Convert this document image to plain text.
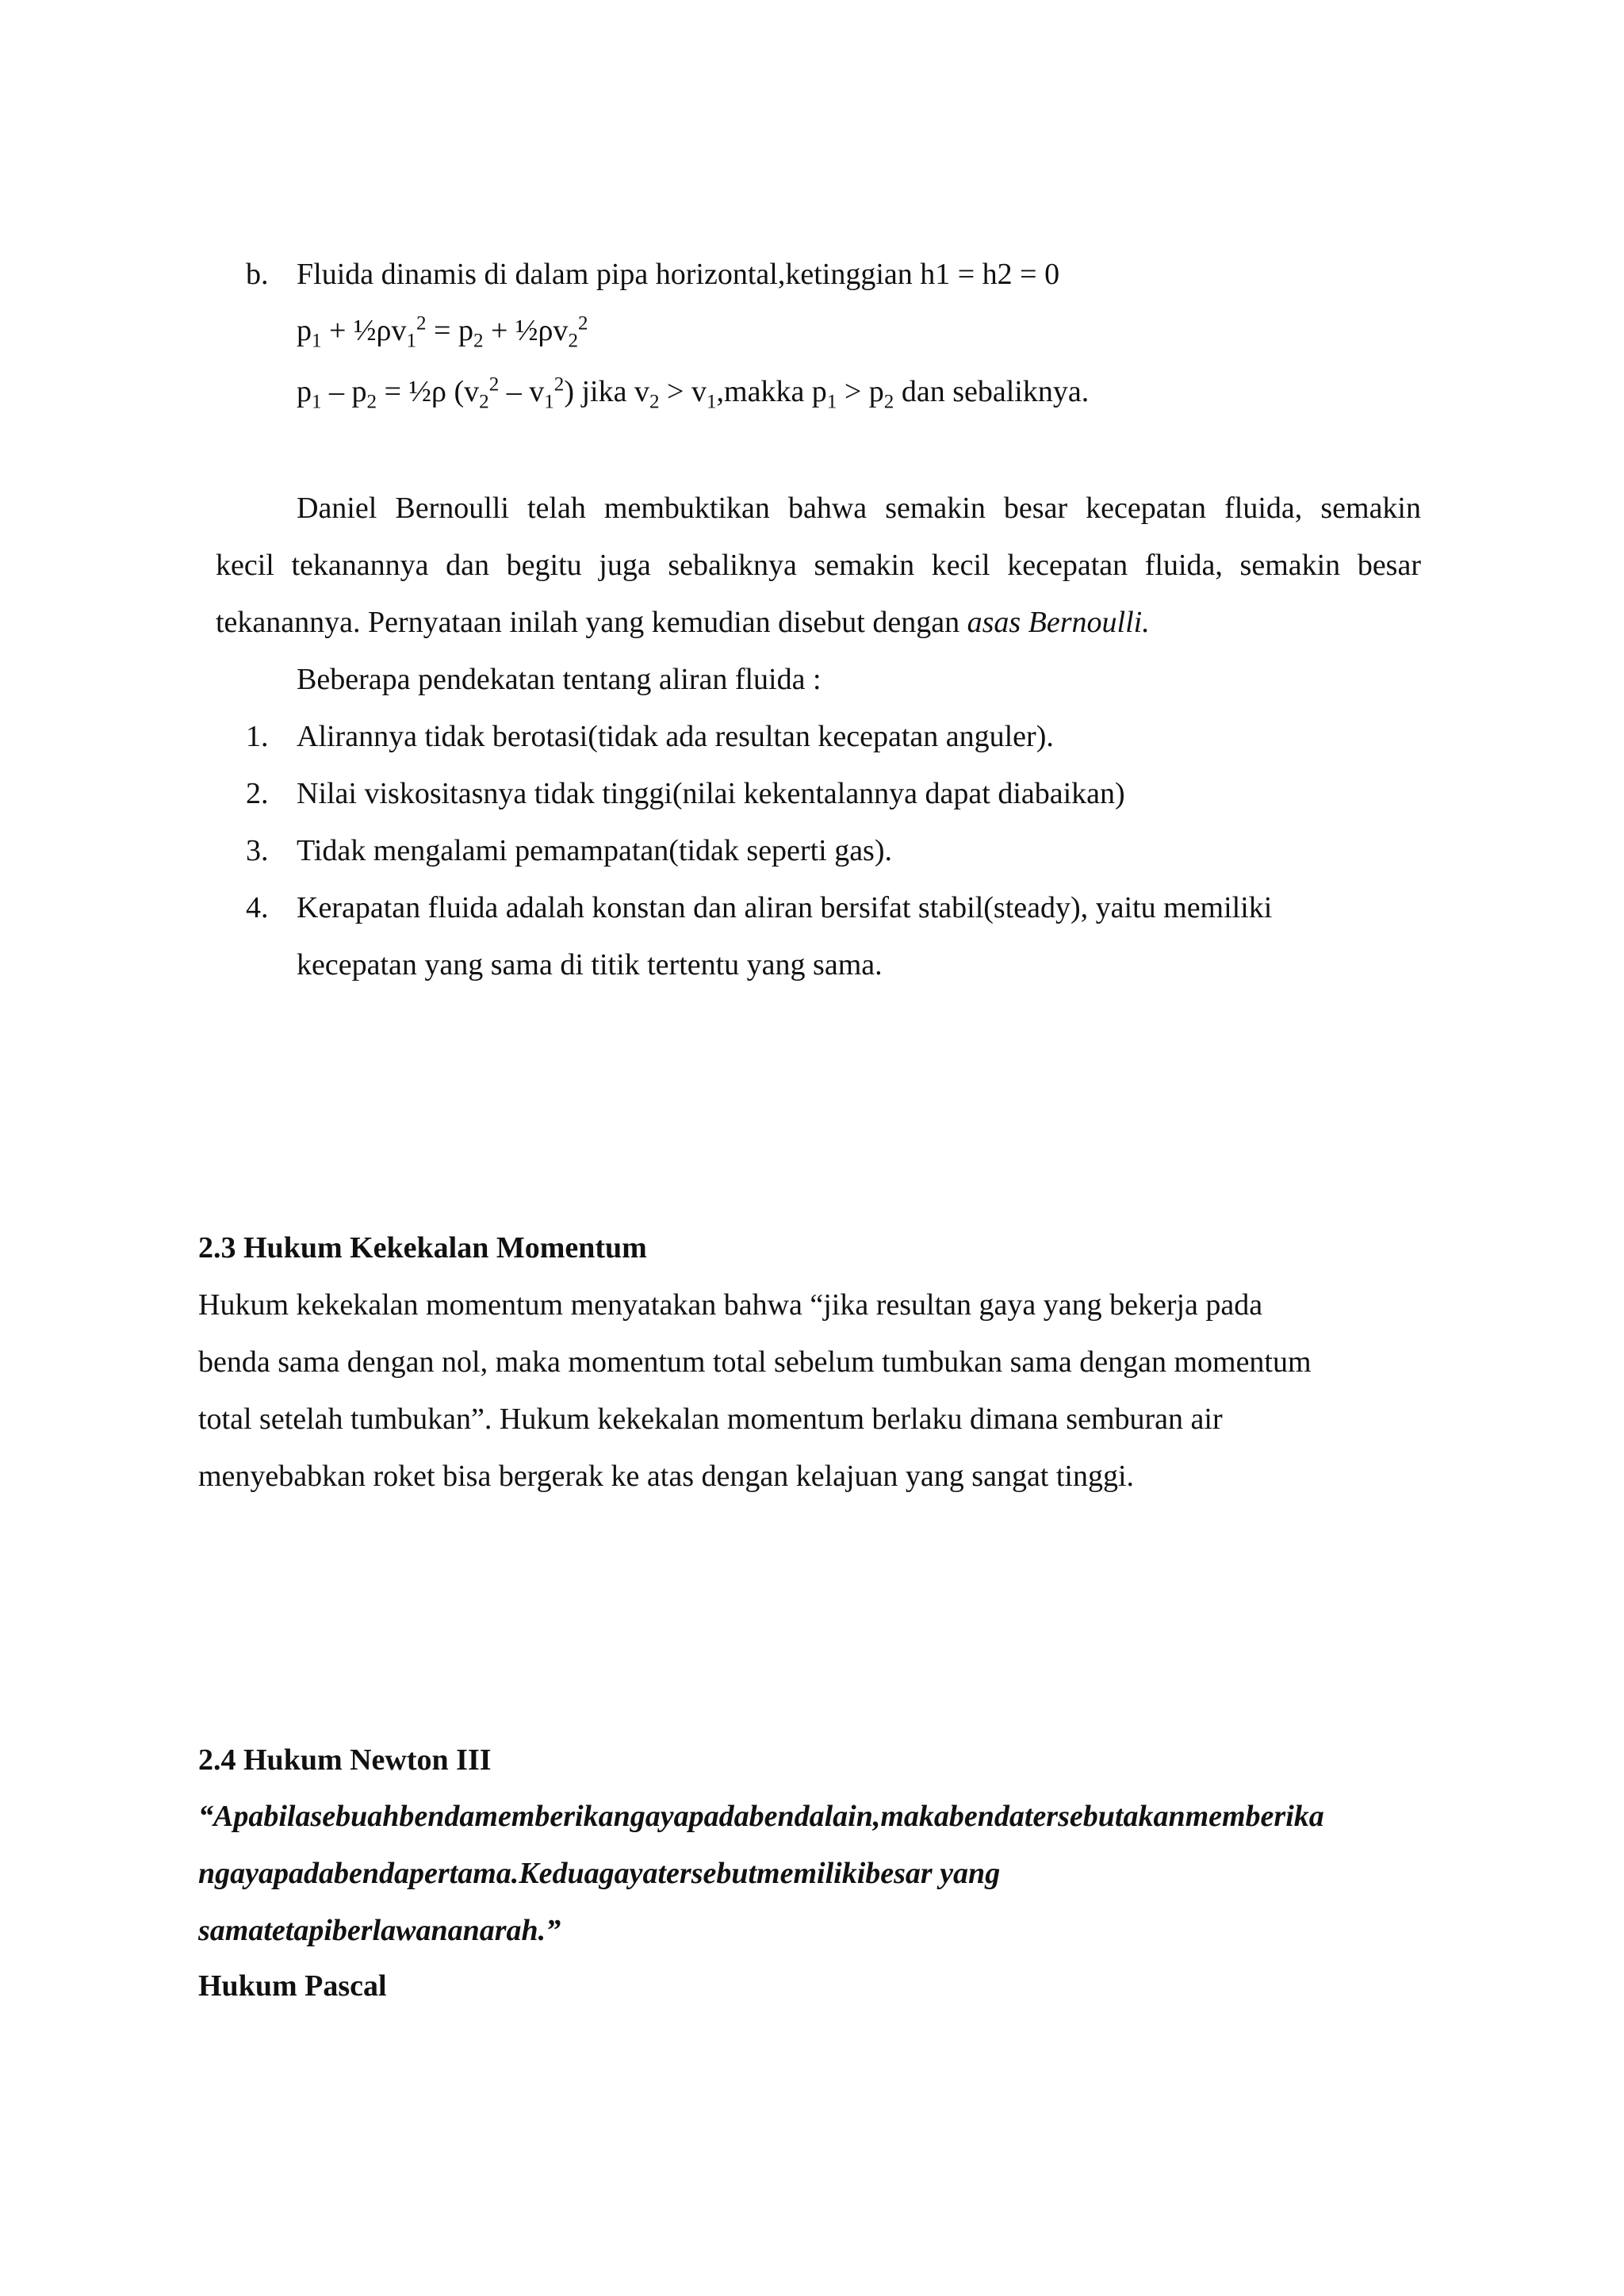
b. Fluida dinamis di dalam pipa horizontal,ketinggian h1 = h2 = 0
$p_1$ + $\frac{1}{2}\rho v_1^2 = p_2$ + $\frac{1}{2}\rho v_2^2$
$p_1 - p_2$ = ½ρ $(v_2^2 - v_1^2)$ jika $v_2$ > $v_1,makka$ $p_1 > p_2$ dan sebaliknya.
Daniel Bernoulli telah membuktikan bahwa semakin besar kecepatan fluida, semakin
kecil tekanannya dan begitu juga sebaliknya semakin kecil kecepatan fluida, semakin besar
tekanannya. Pernyataan inilah yang kemudian disebut dengan asas Bernoulli.
Beberapa pendekatan tentang aliran fluida :
1. Alirannya tidak berotasi(tidak ada resultan kecepatan anguler).
2. Nilai viskositasnya tidak tinggi(nilai kekentalannya dapat diabaikan)
3. Tidak mengalami pemampatan(tidak seperti gas).
4. Kerapatan fluida adalah konstan dan aliran bersifat stabil(steady), yaitu memiliki
kecepatan yang sama di titik tertentu yang sama.
2.3 Hukum Kekekalan Momentum
Hukum kekekalan momentum menyatakan bahwa “jika resultan gaya yang bekerja pada
benda sama dengan nol, maka momentum total sebelum tumbukan sama dengan momentum
total setelah tumbukan”. Hukum kekekalan momentum berlaku dimana semburan air
menyebabkan roket bisa bergerak ke atas dengan kelajuan yang sangat tinggi.
2.4 Hukum Newton III
“Apabilasebuahbendamemberikangayapadabendalain,makabendatersebutakanmemberika
ngayapadabendapertama.Keduagayatersebutmemilikibesar yang
samatetapiberlawananarah.”
Hukum Pascal
